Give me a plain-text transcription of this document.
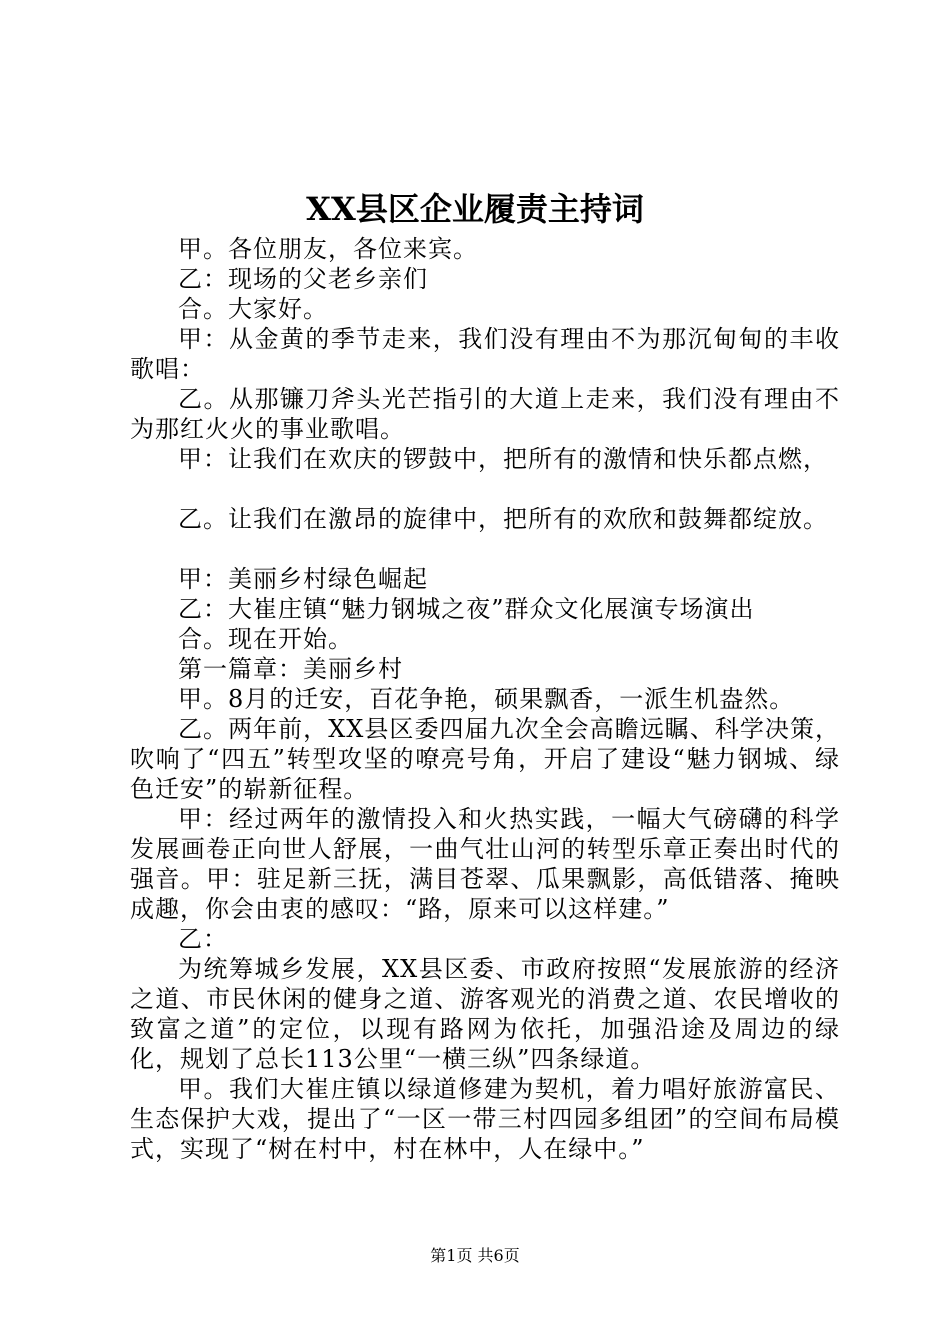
XX县区企业履责主持词

甲。各位朋友，各位来宾。

乙：现场的父老乡亲们

合。大家好。

甲：从金黄的季节走来，我们没有理由不为那沉甸甸的丰收歌唱：

乙。从那镰刀斧头光芒指引的大道上走来，我们没有理由不为那红火火的事业歌唱。

甲：让我们在欢庆的锣鼓中，把所有的激情和快乐都点燃，

乙。让我们在激昂的旋律中，把所有的欢欣和鼓舞都绽放。

甲：美丽乡村绿色崛起

乙：大崔庄镇“魅力钢城之夜”群众文化展演专场演出

合。现在开始。

第一篇章：美丽乡村

甲。8月的迁安，百花争艳，硕果飘香，一派生机盎然。

乙。两年前，XX县区委四届九次全会高瞻远瞩、科学决策，吹响了“四五”转型攻坚的嘹亮号角，开启了建设“魅力钢城、绿色迁安”的崭新征程。

甲：经过两年的激情投入和火热实践，一幅大气磅礴的科学发展画卷正向世人舒展，一曲气壮山河的转型乐章正奏出时代的强音。甲：驻足新三抚，满目苍翠、瓜果飘影，高低错落、掩映成趣，你会由衷的感叹：“路，原来可以这样建。”

乙：

为统筹城乡发展，XX县区委、市政府按照“发展旅游的经济之道、市民休闲的健身之道、游客观光的消费之道、农民增收的致富之道”的定位，以现有路网为依托，加强沿途及周边的绿化，规划了总长113公里“一横三纵”四条绿道。

甲。我们大崔庄镇以绿道修建为契机，着力唱好旅游富民、生态保护大戏，提出了“一区一带三村四园多组团”的空间布局模式，实现了“树在村中，村在林中，人在绿中。”

第1页 共6页
